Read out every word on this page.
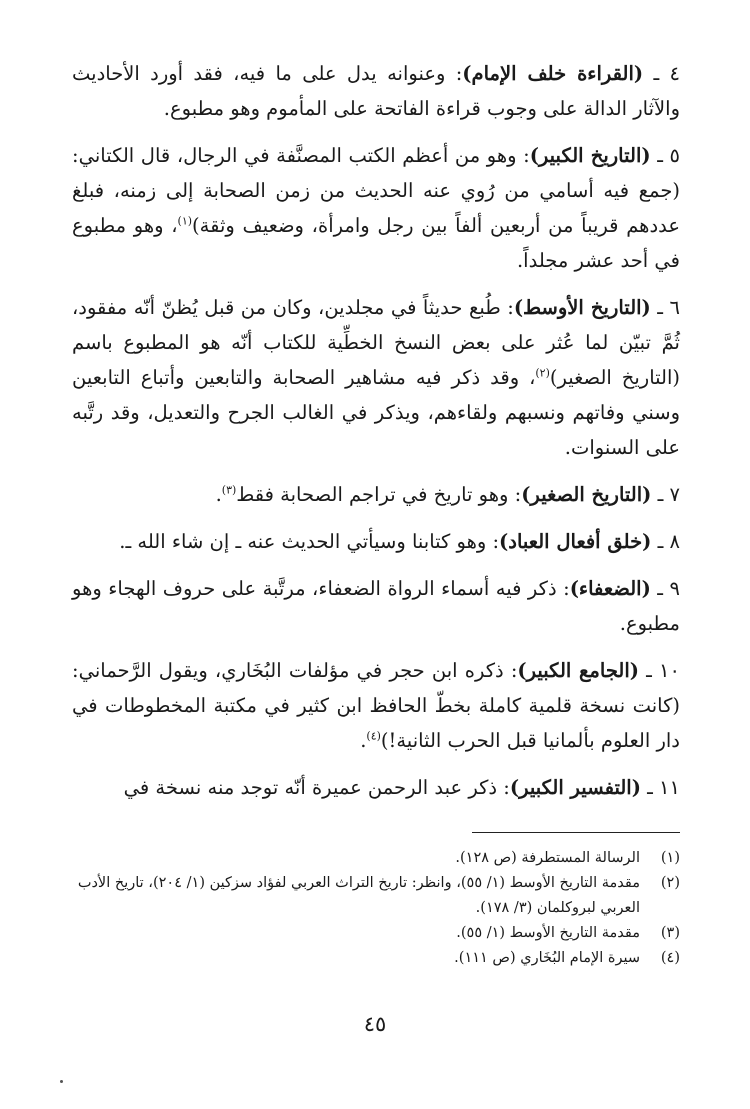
٤ ـ (القراءة خلف الإمام): وعنوانه يدل على ما فيه، فقد أورد الأحاديث والآثار الدالة على وجوب قراءة الفاتحة على المأموم وهو مطبوع.

٥ ـ (التاريخ الكبير): وهو من أعظم الكتب المصنَّفة في الرجال، قال الكتاني: (جمع فيه أسامي من رُوي عنه الحديث من زمن الصحابة إلى زمنه، فبلغ عددهم قريباً من أربعين ألفاً بين رجل وامرأة، وضعيف وثقة)$^{(١)}$، وهو مطبوع في أحد عشر مجلداً.

٦ ـ (التاريخ الأوسط): طُبع حديثاً في مجلدين، وكان من قبل يُظنّ أنّه مفقود، ثُمَّ تبيّن لما عُثر على بعض النسخ الخطِّية للكتاب أنّه هو المطبوع باسم (التاريخ الصغير)$^{(٢)}$، وقد ذكر فيه مشاهير الصحابة والتابعين وأتباع التابعين وسني وفاتهم ونسبهم ولقاءهم، ويذكر في الغالب الجرح والتعديل، وقد رتَّبه على السنوات.

٧ ـ (التاريخ الصغير): وهو تاريخ في تراجم الصحابة فقط$^{(٣)}$.

٨ ـ (خلق أفعال العباد): وهو كتابنا وسيأتي الحديث عنه ـ إن شاء الله ـ.

٩ ـ (الضعفاء): ذكر فيه أسماء الرواة الضعفاء، مرتَّبة على حروف الهجاء وهو مطبوع.

١٠ ـ (الجامع الكبير): ذكره ابن حجر في مؤلفات البُخَاري، ويقول الرَّحماني: (كانت نسخة قلمية كاملة بخطّ الحافظ ابن كثير في مكتبة المخطوطات في دار العلوم بألمانيا قبل الحرب الثانية!)$^{(٤)}$.

١١ ـ (التفسير الكبير): ذكر عبد الرحمن عميرة أنّه توجد منه نسخة في

(١)
الرسالة المستطرفة (ص ١٢٨).
(٢)
مقدمة التاريخ الأوسط (١/ ٥٥)، وانظر: تاريخ التراث العربي لفؤاد سزكين (١/ ٢٠٤)، تاريخ الأدب العربي لبروكلمان (٣/ ١٧٨).
(٣)
مقدمة التاريخ الأوسط (١/ ٥٥).
(٤)
سيرة الإمام البُخَاري (ص ١١١).
٤٥
